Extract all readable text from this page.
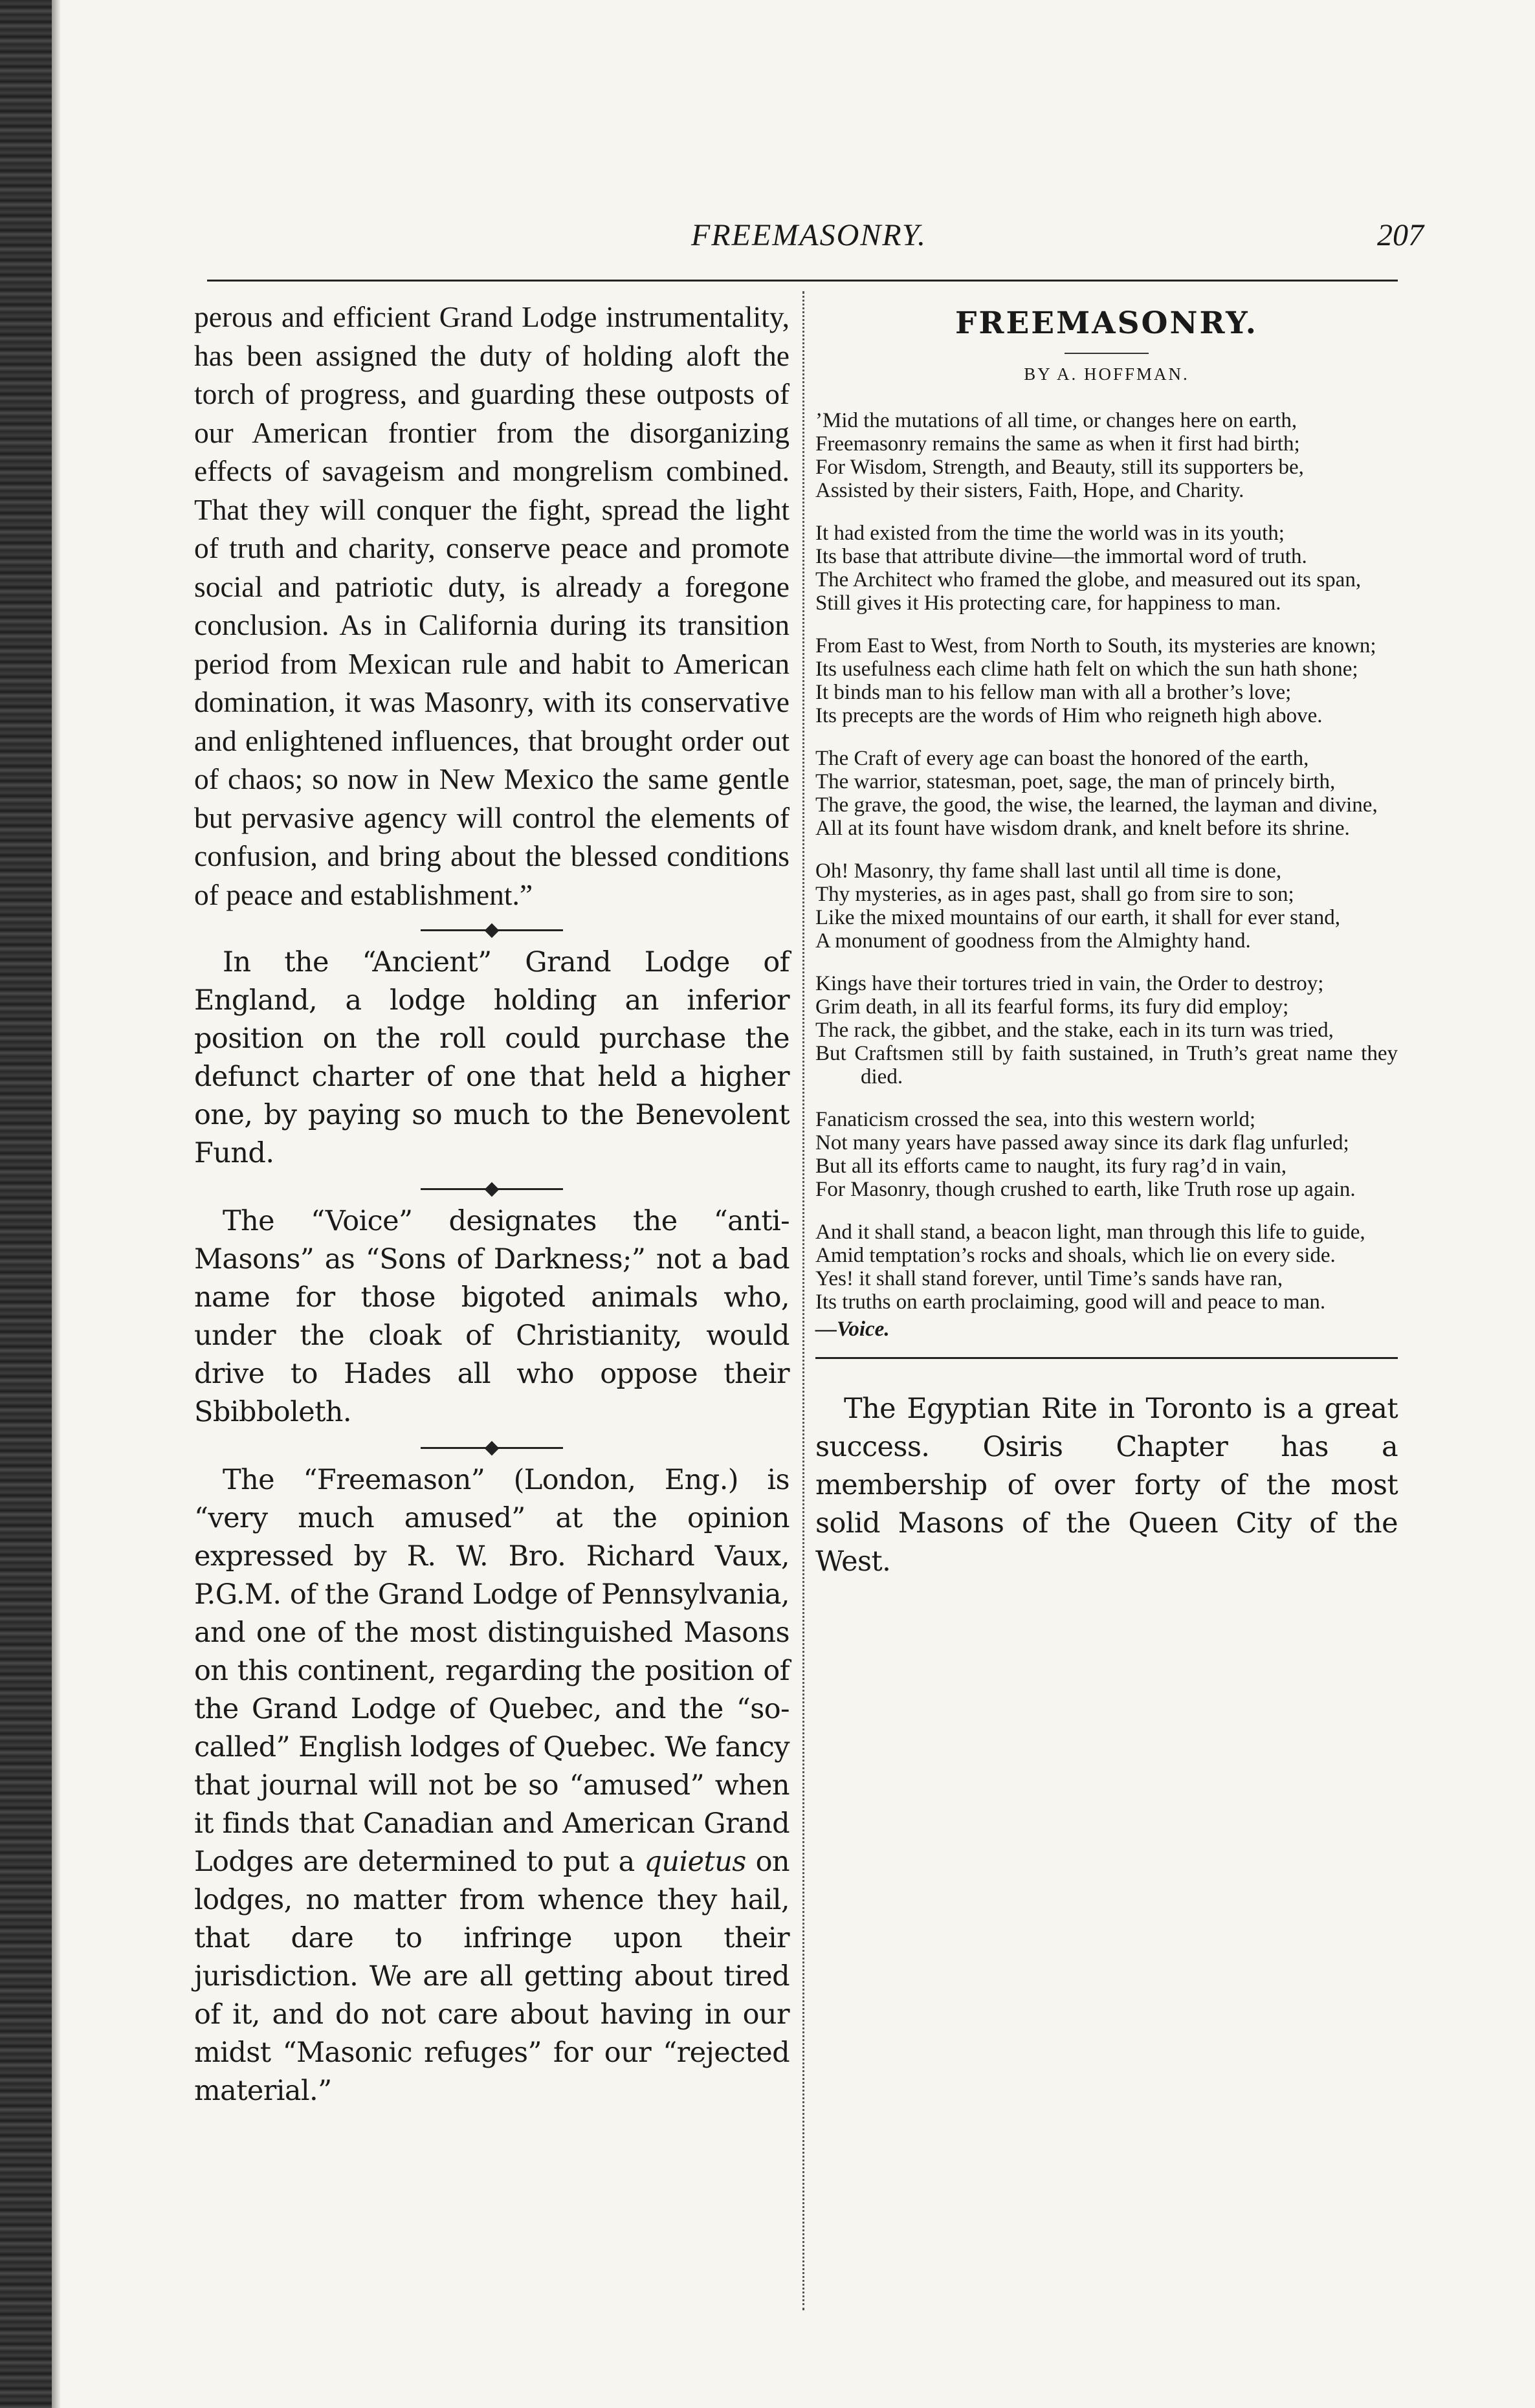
FREEMASONRY.	207

perous and efficient Grand Lodge instrumentality, has been assigned the duty of holding aloft the torch of progress, and guarding these outposts of our American frontier from the disorganizing effects of savageism and mongrelism combined. That they will conquer the fight, spread the light of truth and charity, conserve peace and promote social and patriotic duty, is already a foregone conclusion. As in California during its transition period from Mexican rule and habit to American domination, it was Masonry, with its conservative and enlightened influences, that brought order out of chaos; so now in New Mexico the same gentle but pervasive agency will control the elements of confusion, and bring about the blessed conditions of peace and establishment.”

In the “Ancient” Grand Lodge of England, a lodge holding an inferior position on the roll could purchase the defunct charter of one that held a higher one, by paying so much to the Benevolent Fund.

The “Voice” designates the “anti-Masons” as “Sons of Darkness;” not a bad name for those bigoted animals who, under the cloak of Christianity, would drive to Hades all who oppose their Sbibboleth.

The “Freemason” (London, Eng.) is “very much amused” at the opinion expressed by R. W. Bro. Richard Vaux, P.G.M. of the Grand Lodge of Pennsylvania, and one of the most distinguished Masons on this continent, regarding the position of the Grand Lodge of Quebec, and the “so-called” English lodges of Quebec. We fancy that journal will not be so “amused” when it finds that Canadian and American Grand Lodges are determined to put a quietus on lodges, no matter from whence they hail, that dare to infringe upon their jurisdiction. We are all getting about tired of it, and do not care about having in our midst “Masonic refuges” for our “rejected material.”

FREEMASONRY.
BY A. HOFFMAN.
’Mid the mutations of all time, or changes here on earth,
Freemasonry remains the same as when it first had birth;
For Wisdom, Strength, and Beauty, still its supporters be,
Assisted by their sisters, Faith, Hope, and Charity.
It had existed from the time the world was in its youth;
Its base that attribute divine—the immortal word of truth.
The Architect who framed the globe, and measured out its span,
Still gives it His protecting care, for happiness to man.
From East to West, from North to South, its mysteries are known;
Its usefulness each clime hath felt on which the sun hath shone;
It binds man to his fellow man with all a brother’s love;
Its precepts are the words of Him who reigneth high above.
The Craft of every age can boast the honored of the earth,
The warrior, statesman, poet, sage, the man of princely birth,
The grave, the good, the wise, the learned, the layman and divine,
All at its fount have wisdom drank, and knelt before its shrine.
Oh! Masonry, thy fame shall last until all time is done,
Thy mysteries, as in ages past, shall go from sire to son;
Like the mixed mountains of our earth, it shall for ever stand,
A monument of goodness from the Almighty hand.
Kings have their tortures tried in vain, the Order to destroy;
Grim death, in all its fearful forms, its fury did employ;
The rack, the gibbet, and the stake, each in its turn was tried,
But Craftsmen still by faith sustained, in Truth’s great name they died.
Fanaticism crossed the sea, into this western world;
Not many years have passed away since its dark flag unfurled;
But all its efforts came to naught, its fury rag’d in vain,
For Masonry, though crushed to earth, like Truth rose up again.
And it shall stand, a beacon light, man through this life to guide,
Amid temptation’s rocks and shoals, which lie on every side.
Yes! it shall stand forever, until Time’s sands have ran,
Its truths on earth proclaiming, good will and peace to man.
—Voice.

The Egyptian Rite in Toronto is a great success. Osiris Chapter has a membership of over forty of the most solid Masons of the Queen City of the West.
